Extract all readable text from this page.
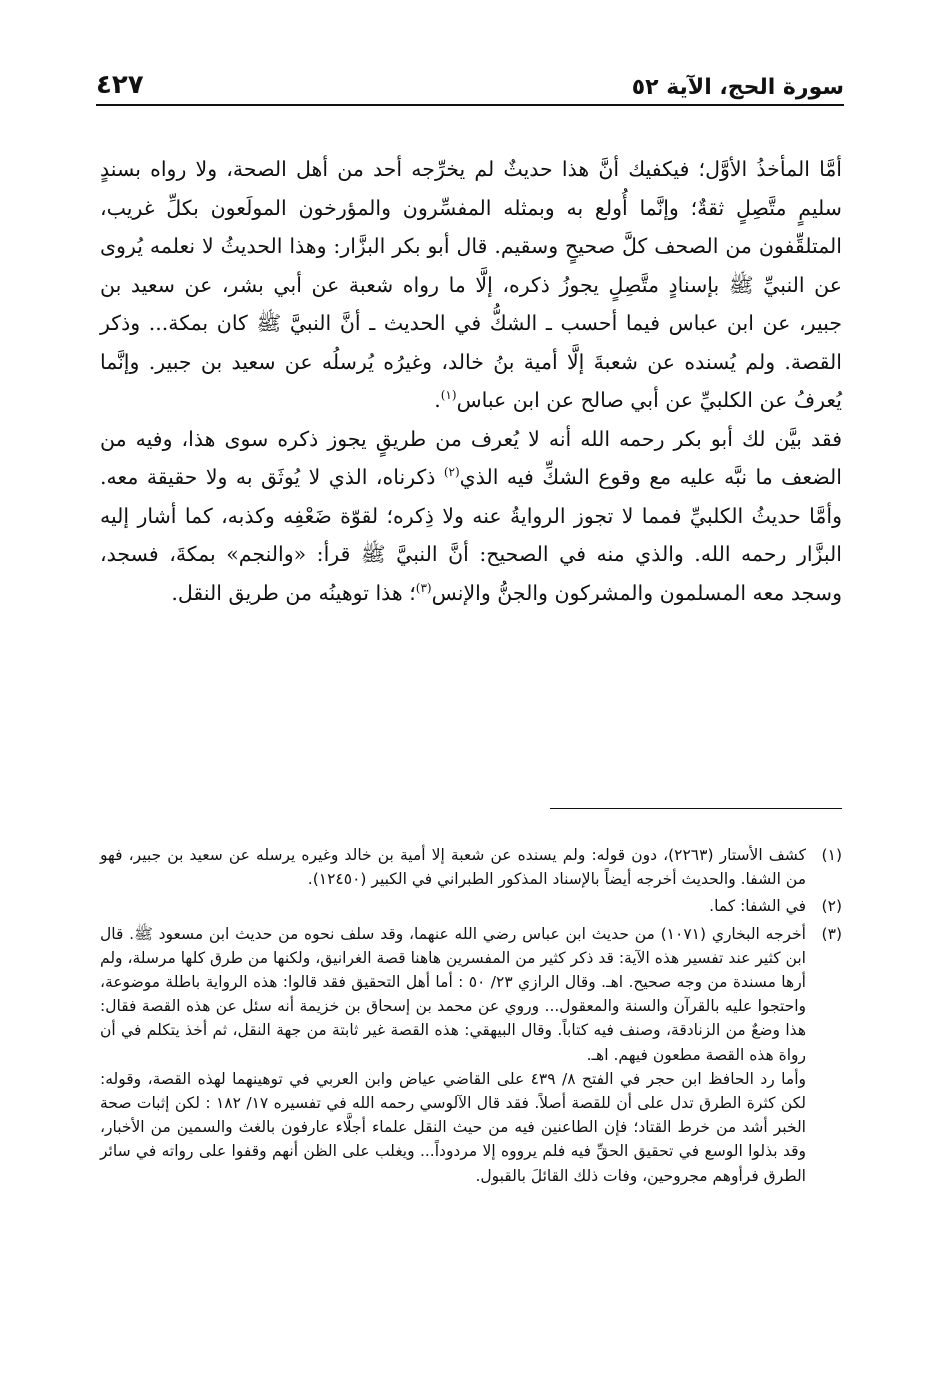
سورة الحج، الآية ٥٢
٤٢٧

أمَّا المأخذُ الأوَّل؛ فيكفيك أنَّ هذا حديثٌ لم يخرِّجه أحد من أهل الصحة، ولا رواه بسندٍ سليمٍ متَّصِلٍ ثقةٌ؛ وإنَّما أُولع به وبمثله المفسِّرون والمؤرخون المولَعون بكلِّ غريب، المتلقِّفون من الصحف كلَّ صحيحٍ وسقيم. قال أبو بكر البزَّار: وهذا الحديثُ لا نعلمه يُروى عن النبيِّ ﷺ بإسنادٍ متَّصِلٍ يجوزُ ذكره، إلَّا ما رواه شعبة عن أبي بشر، عن سعيد بن جبير، عن ابن عباس فيما أحسب ـ الشكُّ في الحديث ـ أنَّ النبيَّ ﷺ كان بمكة... وذكر القصة. ولم يُسنده عن شعبةَ إلَّا أمية بنُ خالد، وغيرُه يُرسلُه عن سعيد بن جبير. وإنَّما يُعرفُ عن الكلبيِّ عن أبي صالح عن ابن عباس$^{(١)}$.

فقد بيَّن لك أبو بكر رحمه الله أنه لا يُعرف من طريقٍ يجوز ذكره سوى هذا، وفيه من الضعف ما نبَّه عليه مع وقوع الشكِّ فيه الذي$^{(٢)}$ ذكرناه، الذي لا يُوثَق به ولا حقيقة معه. وأمَّا حديثُ الكلبيِّ فمما لا تجوز الروايةُ عنه ولا ذِكره؛ لقوّة ضَعْفِه وكذبه، كما أشار إليه البزَّار رحمه الله. والذي منه في الصحيح: أنَّ النبيَّ ﷺ قرأ: «والنجم» بمكةَ، فسجد، وسجد معه المسلمون والمشركون والجنُّ والإنس$^{(٣)}$؛ هذا توهينُه من طريق النقل.

(١)

كشف الأستار (٢٢٦٣)، دون قوله: ولم يسنده عن شعبة إلا أمية بن خالد وغيره يرسله عن سعيد بن جبير، فهو من الشفا. والحديث أخرجه أيضاً بالإسناد المذكور الطبراني في الكبير (١٢٤٥٠).

(٢)

في الشفا: كما.

(٣)

أخرجه البخاري (١٠٧١) من حديث ابن عباس رضي الله عنهما، وقد سلف نحوه من حديث ابن مسعود ﷺ. قال ابن كثير عند تفسير هذه الآية: قد ذكر كثير من المفسرين هاهنا قصة الغرانيق، ولكنها من طرق كلها مرسلة، ولم أرها مسندة من وجه صحيح. اهـ. وقال الرازي ٢٣/ ٥٠ : أما أهل التحقيق فقد قالوا: هذه الرواية باطلة موضوعة، واحتجوا عليه بالقرآن والسنة والمعقول... وروي عن محمد بن إسحاق بن خزيمة أنه سئل عن هذه القصة فقال: هذا وضعٌ من الزنادقة، وصنف فيه كتاباً. وقال البيهقي: هذه القصة غير ثابتة من جهة النقل، ثم أخذ يتكلم في أن رواة هذه القصة مطعون فيهم. اهـ.

وأما رد الحافظ ابن حجر في الفتح ٨/ ٤٣٩ على القاضي عياض وابن العربي في توهينهما لهذه القصة، وقوله: لكن كثرة الطرق تدل على أن للقصة أصلاً. فقد قال الآلوسي رحمه الله في تفسيره ١٧/ ١٨٢ : لكن إثبات صحة الخبر أشد من خرط القتاد؛ فإن الطاعنين فيه من حيث النقل علماء أجلَّاء عارفون بالغث والسمين من الأخبار، وقد بذلوا الوسع في تحقيق الحقِّ فيه فلم يرووه إلا مردوداً... ويغلب على الظن أنهم وقفوا على رواته في سائر الطرق فرأوهم مجروحين، وفات ذلك القائلَ بالقبول.
